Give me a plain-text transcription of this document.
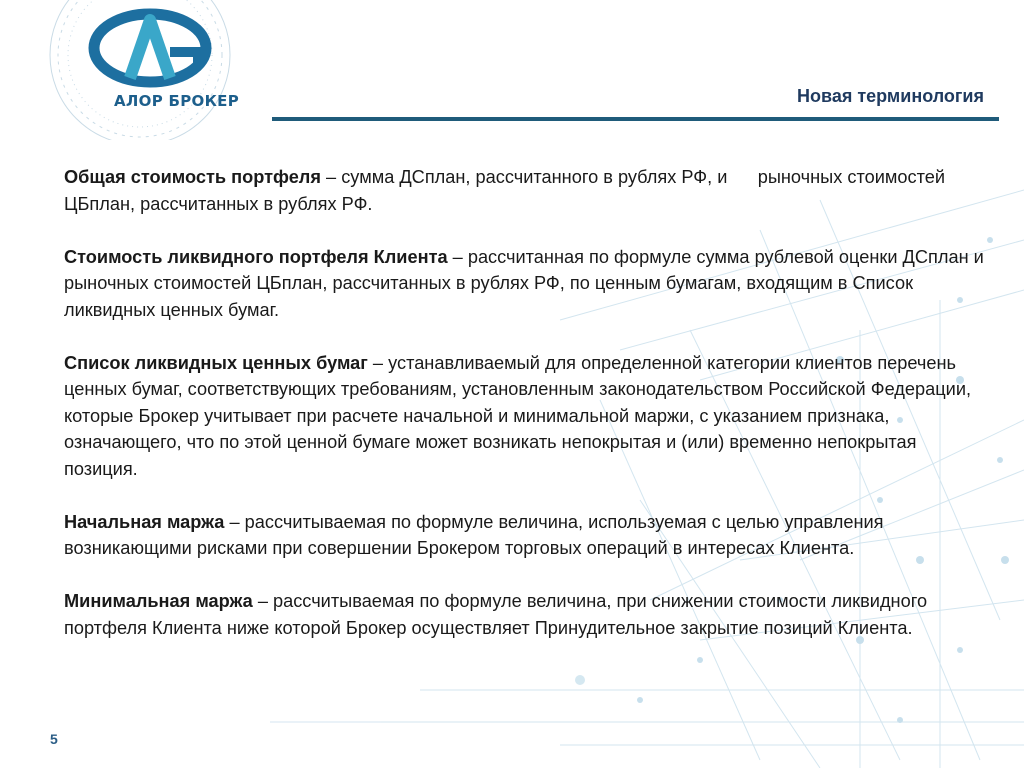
АЛОР БРОКЕР	Новая терминология

Общая стоимость портфеля – сумма ДСплан, рассчитанного в рублях РФ, и      рыночных стоимостей ЦБплан, рассчитанных в рублях РФ.

Стоимость ликвидного портфеля Клиента – рассчитанная по формуле сумма рублевой оценки ДСплан и рыночных стоимостей ЦБплан, рассчитанных в рублях РФ, по ценным бумагам, входящим в Список ликвидных ценных бумаг.

Список ликвидных ценных бумаг – устанавливаемый для определенной категории клиентов перечень ценных бумаг, соответствующих требованиям, установленным законодательством Российской Федерации, которые Брокер учитывает при расчете начальной и минимальной маржи, с указанием признака, означающего, что по этой ценной бумаге может возникать непокрытая и (или) временно непокрытая позиция.

Начальная маржа – рассчитываемая по формуле величина, используемая с целью управления возникающими рисками при совершении Брокером торговых операций в интересах Клиента.

Минимальная маржа – рассчитываемая по формуле величина, при снижении стоимости ликвидного портфеля Клиента ниже которой Брокер осуществляет Принудительное закрытие позиций Клиента.

5
